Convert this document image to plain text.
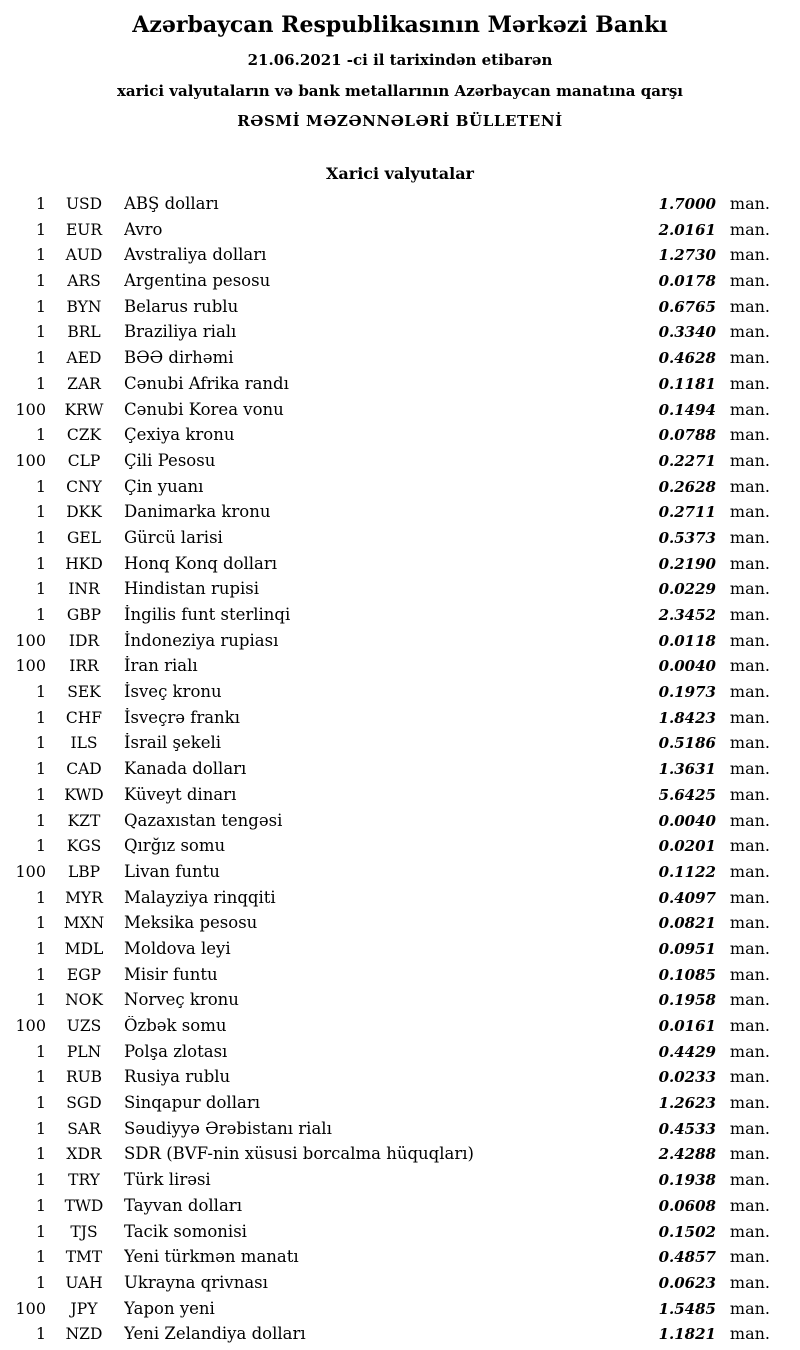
Azərbaycan Respublikasının Mərkəzi Bankı
21.06.2021 -ci il tarixindən etibarən
xarici valyutaların və bank metallarının Azərbaycan manatına qarşı
RƏSMİ MƏZƏNNƏLƏRİ BÜLLETENİ
Xarici valyutalar
1	USD	ABŞ dolları	1.7000 man.
1	EUR	Avro	2.0161 man.
1	AUD	Avstraliya dolları	1.2730 man.
1	ARS	Argentina pesosu	0.0178 man.
1	BYN	Belarus rublu	0.6765 man.
1	BRL	Braziliya rialı	0.3340 man.
1	AED	BƏƏ dirhəmi	0.4628 man.
1	ZAR	Cənubi Afrika randı	0.1181 man.
100	KRW	Cənubi Korea vonu	0.1494 man.
1	CZK	Çexiya kronu	0.0788 man.
100	CLP	Çili Pesosu	0.2271 man.
1	CNY	Çin yuanı	0.2628 man.
1	DKK	Danimarka kronu	0.2711 man.
1	GEL	Gürcü larisi	0.5373 man.
1	HKD	Honq Konq dolları	0.2190 man.
1	INR	Hindistan rupisi	0.0229 man.
1	GBP	İngilis funt sterlinqi	2.3452 man.
100	IDR	İndoneziya rupiası	0.0118 man.
100	IRR	İran rialı	0.0040 man.
1	SEK	İsveç kronu	0.1973 man.
1	CHF	İsveçrə frankı	1.8423 man.
1	ILS	İsrail şekeli	0.5186 man.
1	CAD	Kanada dolları	1.3631 man.
1	KWD	Küveyt dinarı	5.6425 man.
1	KZT	Qazaxıstan tengəsi	0.0040 man.
1	KGS	Qırğız somu	0.0201 man.
100	LBP	Livan funtu	0.1122 man.
1	MYR	Malayziya rinqqiti	0.4097 man.
1	MXN	Meksika pesosu	0.0821 man.
1	MDL	Moldova leyi	0.0951 man.
1	EGP	Misir funtu	0.1085 man.
1	NOK	Norveç kronu	0.1958 man.
100	UZS	Özbək somu	0.0161 man.
1	PLN	Polşa zlotası	0.4429 man.
1	RUB	Rusiya rublu	0.0233 man.
1	SGD	Sinqapur dolları	1.2623 man.
1	SAR	Səudiyyə Ərəbistanı rialı	0.4533 man.
1	XDR	SDR (BVF-nin xüsusi borcalma hüquqları)	2.4288 man.
1	TRY	Türk lirəsi	0.1938 man.
1	TWD	Tayvan dolları	0.0608 man.
1	TJS	Tacik somonisi	0.1502 man.
1	TMT	Yeni türkmən manatı	0.4857 man.
1	UAH	Ukrayna qrivnası	0.0623 man.
100	JPY	Yapon yeni	1.5485 man.
1	NZD	Yeni Zelandiya dolları	1.1821 man.
